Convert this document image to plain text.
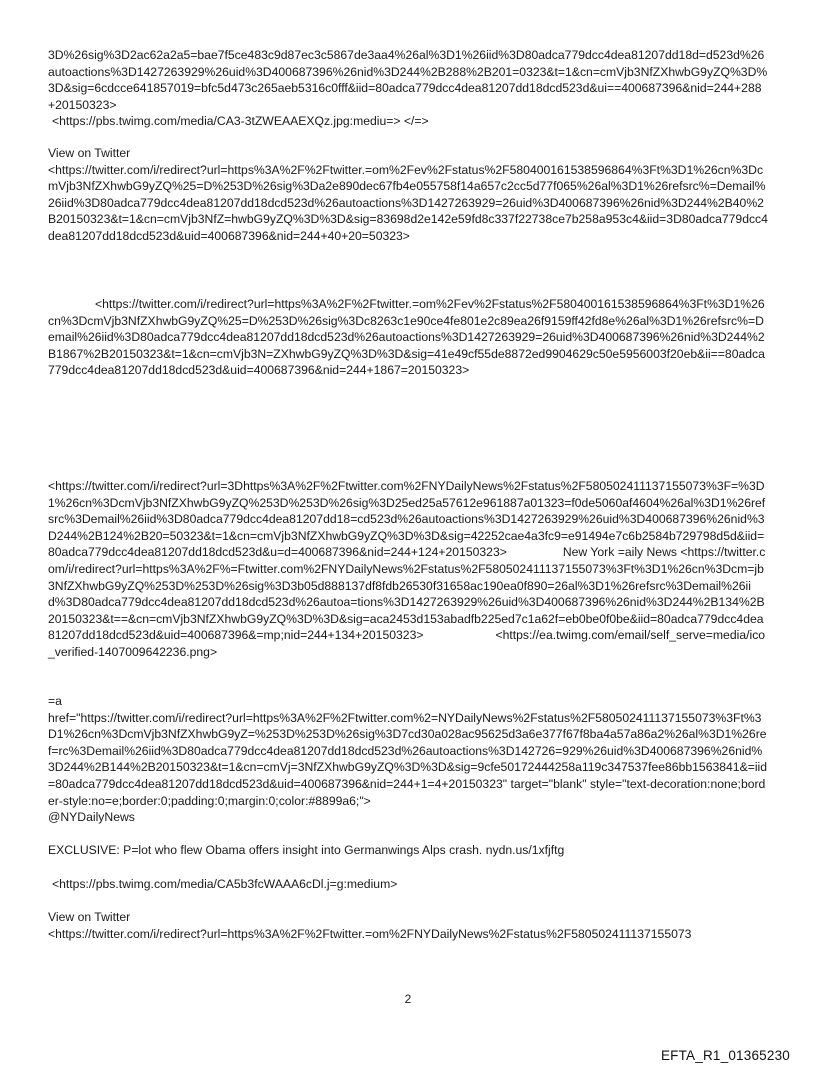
3D%26sig%3D2ac62a2a5=bae7f5ce483c9d87ec3c5867de3aa4%26al%3D1%26iid%3D80adca779dcc4dea81207dd18d=d523d%26autoactions%3D1427263929%26uid%3D400687396%26nid%3D244%2B288%2B201=0323&t=1&cn=cmVjb3NfZXhwbG9yZQ%3D%3D&sig=6cdcce641857019=bfc5d473c265aeb5316c0fff&iid=80adca779dcc4dea81207dd18dcd523d&ui==400687396&nid=244+288+20150323>

<https://pbs.twimg.com/media/CA3-3tZWEAAEXQz.jpg:mediu=> </=>

View on Twitter

<https://twitter.com/i/redirect?url=https%3A%2F%2Ftwitter.=om%2Fev%2Fstatus%2F580400161538596864%3Ft%3D1%26cn%3DcmVjb3NfZXhwbG9yZQ%25=D%253D%26sig%3Da2e890dec67fb4e055758f14a657c2cc5d77f065%26al%3D1%26refsrc%=Demail%26iid%3D80adca779dcc4dea81207dd18dcd523d%26autoactions%3D1427263929=26uid%3D400687396%26nid%3D244%2B40%2B20150323&t=1&cn=cmVjb3NfZ=hwbG9yZQ%3D%3D&sig=83698d2e142e59fd8c337f22738ce7b258a953c4&iid=3D80adca779dcc4dea81207dd18dcd523d&uid=400687396&nid=244+40+20=50323>

<https://twitter.com/i/redirect?url=https%3A%2F%2Ftwitter.=om%2Fev%2Fstatus%2F580400161538596864%3Ft%3D1%26cn%3DcmVjb3NfZXhwbG9yZQ%25=D%253D%26sig%3Dc8263c1e90ce4fe801e2c89ea26f9159ff42fd8e%26al%3D1%26refsrc%=Demail%26iid%3D80adca779dcc4dea81207dd18dcd523d%26autoactions%3D1427263929=26uid%3D400687396%26nid%3D244%2B1867%2B20150323&t=1&cn=cmVjb3N=ZXhwbG9yZQ%3D%3D&sig=41e49cf55de8872ed9904629c50e5956003f20eb&ii==80adca779dcc4dea81207dd18dcd523d&uid=400687396&nid=244+1867=20150323>

<https://twitter.com/i/redirect?url=3Dhttps%3A%2F%2Ftwitter.com%2FNYDailyNews%2Fstatus%2F580502411137155073%3F=%3D1%26cn%3DcmVjb3NfZXhwbG9yZQ%253D%253D%26sig%3D25ed25a57612e961887a01323=f0de5060af4604%26al%3D1%26refsrc%3Demail%26iid%3D80adca779dcc4dea81207dd18=cd523d%26autoactions%3D1427263929%26uid%3D400687396%26nid%3D244%2B124%2B20=50323&t=1&cn=cmVjb3NfZXhwbG9yZQ%3D%3D&sig=42252cae4a3fc9=e91494e7c6b2584b729798d5d&iid=80adca779dcc4dea81207dd18dcd523d&u=d=400687396&nid=244+124+20150323>	New York =aily News <https://twitter.com/i/redirect?url=https%3A%2F%=Ftwitter.com%2FNYDailyNews%2Fstatus%2F580502411137155073%3Ft%3D1%26cn%3Dcm=jb3NfZXhwbG9yZQ%253D%253D%26sig%3D3b05d888137df8fdb26530f31658ac190ea0f890=26al%3D1%26refsrc%3Demail%26iid%3D80adca779dcc4dea81207dd18dcd523d%26autoa=tions%3D1427263929%26uid%3D400687396%26nid%3D244%2B134%2B20150323&t==&cn=cmVjb3NfZXhwbG9yZQ%3D%3D&sig=aca2453d153abadfb225ed7c1a62f=eb0be0f0be&iid=80adca779dcc4dea81207dd18dcd523d&uid=400687396&=mp;nid=244+134+20150323>	<https://ea.twimg.com/email/self_serve=media/ico_verified-1407009642236.png>

=a

href="https://twitter.com/i/redirect?url=https%3A%2F%2Ftwitter.com%2=NYDailyNews%2Fstatus%2F580502411137155073%3Ft%3D1%26cn%3DcmVjb3NfZXhwbG9yZ=%253D%253D%26sig%3D7cd30a028ac95625d3a6e377f67f8ba4a57a86a2%26al%3D1%26ref=rc%3Demail%26iid%3D80adca779dcc4dea81207dd18dcd523d%26autoactions%3D142726=929%26uid%3D400687396%26nid%3D244%2B144%2B20150323&t=1&cn=cmVj=3NfZXhwbG9yZQ%3D%3D&sig=9cfe50172444258a119c347537fee86bb1563841&=iid=80adca779dcc4dea81207dd18dcd523d&uid=400687396&nid=244+1=4+20150323" target="blank" style="text-decoration:none;border-style:no=e;border:0;padding:0;margin:0;color:#8899a6;">

@NYDailyNews

EXCLUSIVE: P=lot who flew Obama offers insight into Germanwings Alps crash. nydn.us/1xfjftg

<https://pbs.twimg.com/media/CA5b3fcWAAA6cDl.j=g:medium>

View on Twitter

<https://twitter.com/i/redirect?url=https%3A%2F%2Ftwitter.=om%2FNYDailyNews%2Fstatus%2F580502411137155073

2
EFTA_R1_01365230
